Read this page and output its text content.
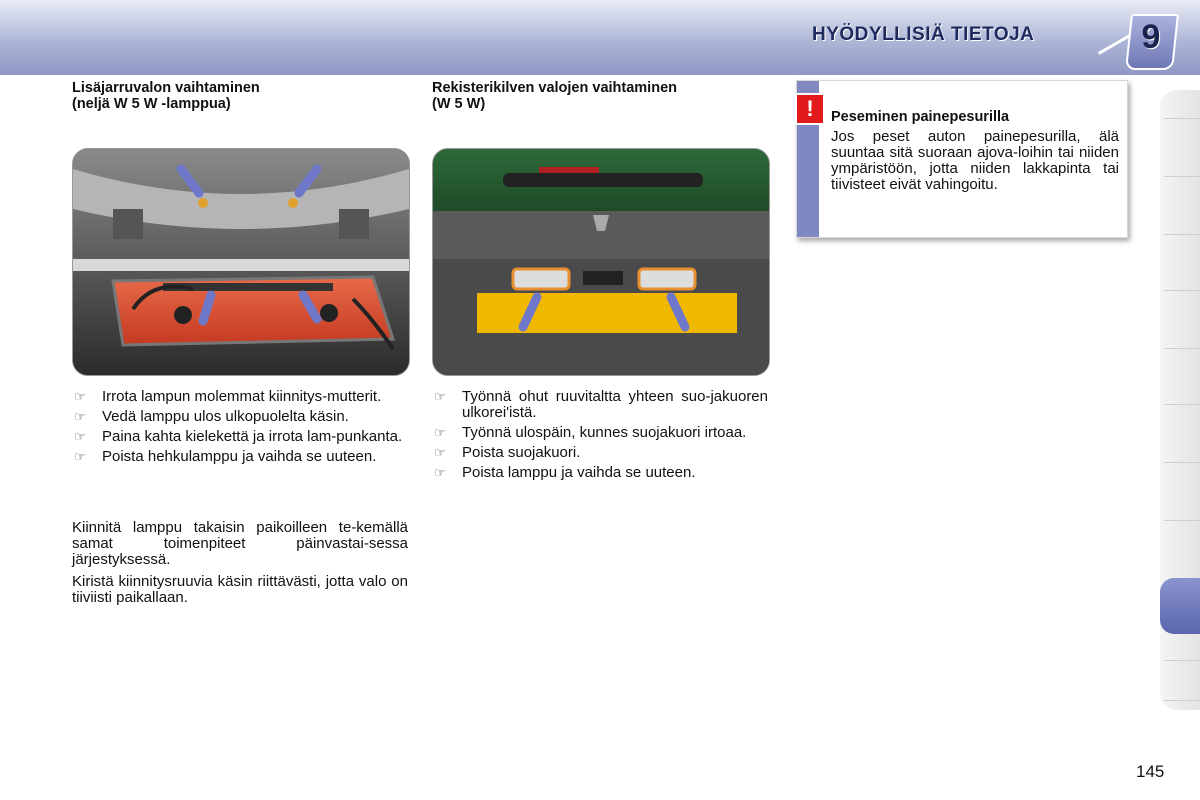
HYÖDYLLISIÄ TIETOJA	9
Lisäjarruvalon vaihtaminen
(neljä W 5 W -lamppua)
☞ Irrota lampun molemmat kiinnitys-mutterit.
☞ Vedä lamppu ulos ulkopuolelta käsin.
☞ Paina kahta kielekettä ja irrota lam-punkanta.
☞ Poista hehkulamppu ja vaihda se uuteen.

Kiinnitä lamppu takaisin paikoilleen te-kemällä samat toimenpiteet päinvastai-sessa järjestyksessä.

Kiristä kiinnitysruuvia käsin riittävästi, jotta valo on tiiviisti paikallaan.

Rekisterikilven valojen vaihtaminen
(W 5 W)
☞ Työnnä ohut ruuvitaltta yhteen suo-jakuoren ulkorei'istä.
☞ Työnnä ulospäin, kunnes suojakuori irtoaa.
☞ Poista suojakuori.
☞ Poista lamppu ja vaihda se uuteen.
!	Peseminen painepesurilla
Jos peset auton painepesurilla, älä suuntaa sitä suoraan ajova-loihin tai niiden ympäristöön, jotta niiden lakkapinta tai tiivisteet eivät vahingoitu.
145
